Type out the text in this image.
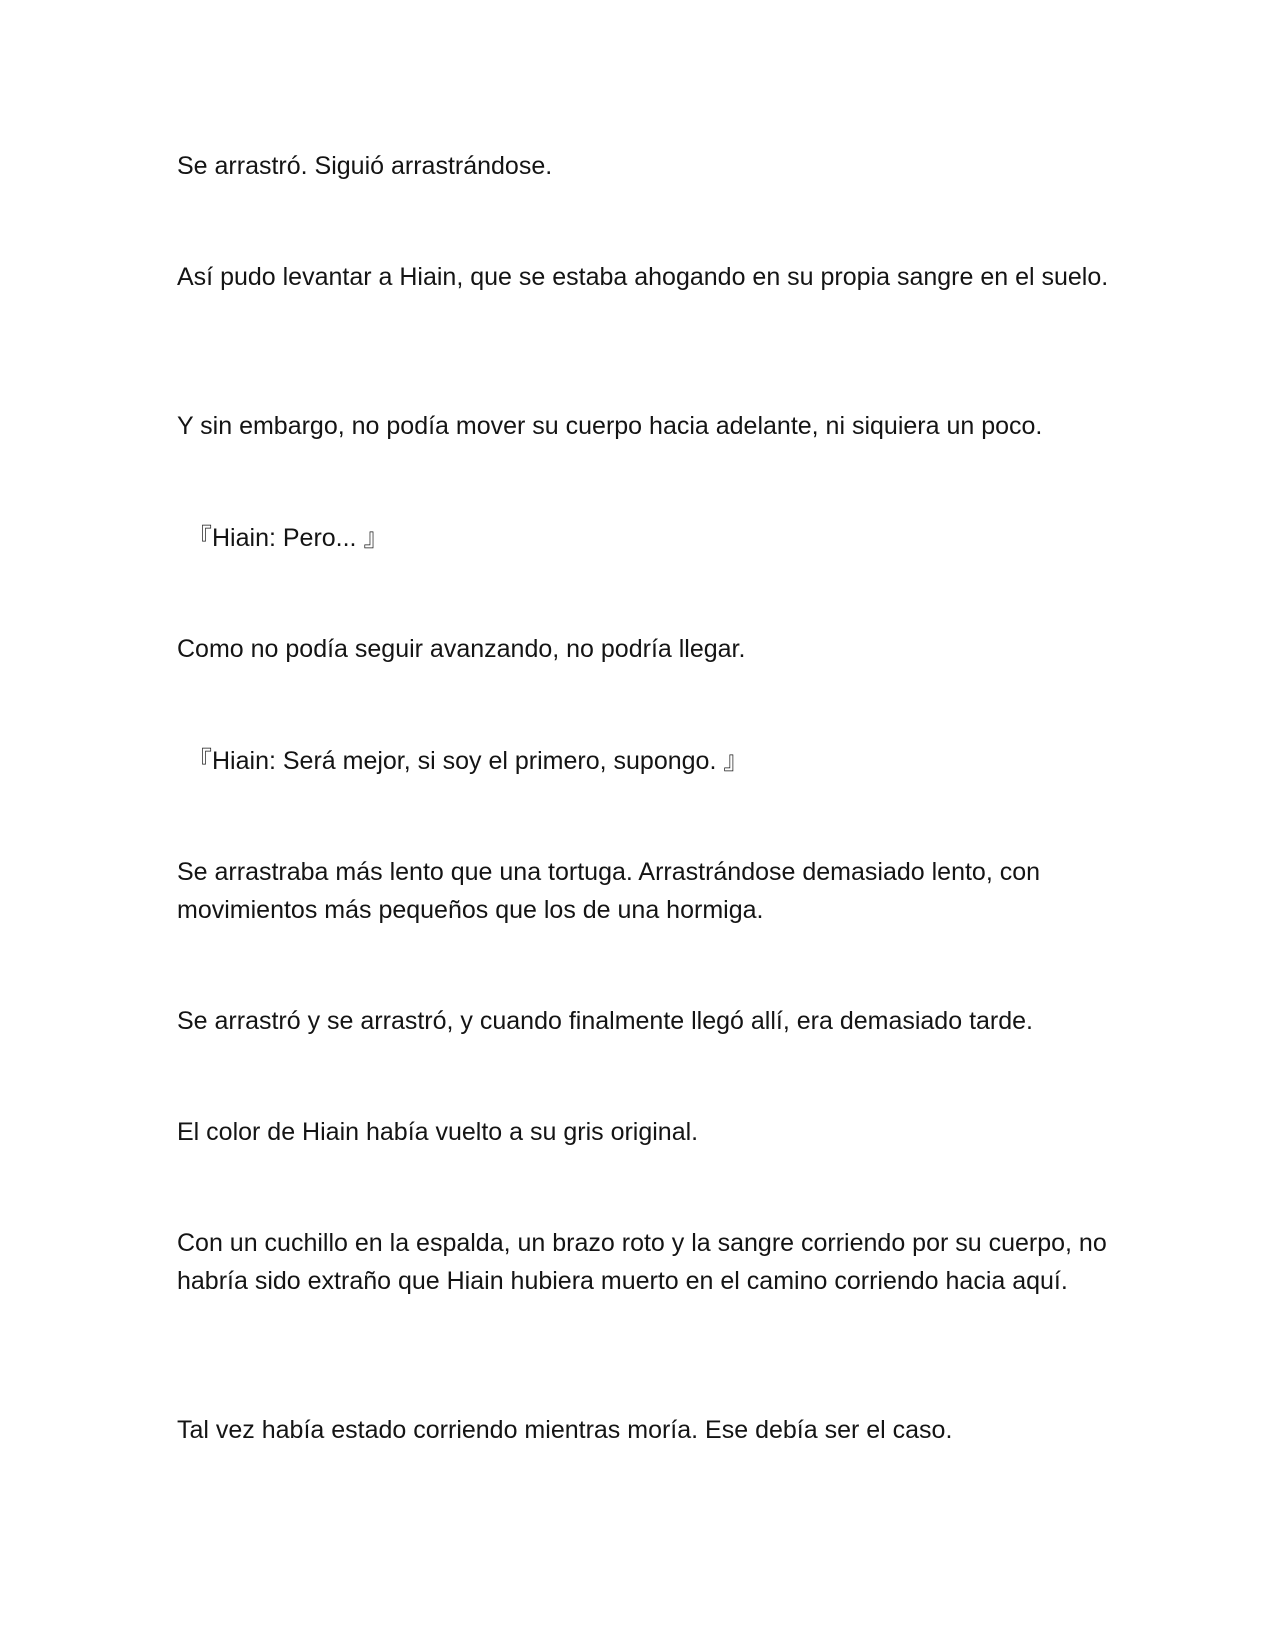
Se arrastró. Siguió arrastrándose.

Así pudo levantar a Hiain, que se estaba ahogando en su propia sangre en el suelo.

Y sin embargo, no podía mover su cuerpo hacia adelante, ni siquiera un poco.

『Hiain: Pero... 』

Como no podía seguir avanzando, no podría llegar.

『Hiain: Será mejor, si soy el primero, supongo. 』

Se arrastraba más lento que una tortuga. Arrastrándose demasiado lento, con movimientos más pequeños que los de una hormiga.

Se arrastró y se arrastró, y cuando finalmente llegó allí, era demasiado tarde.

El color de Hiain había vuelto a su gris original.

Con un cuchillo en la espalda, un brazo roto y la sangre corriendo por su cuerpo, no habría sido extraño que Hiain hubiera muerto en el camino corriendo hacia aquí.

Tal vez había estado corriendo mientras moría. Ese debía ser el caso.
